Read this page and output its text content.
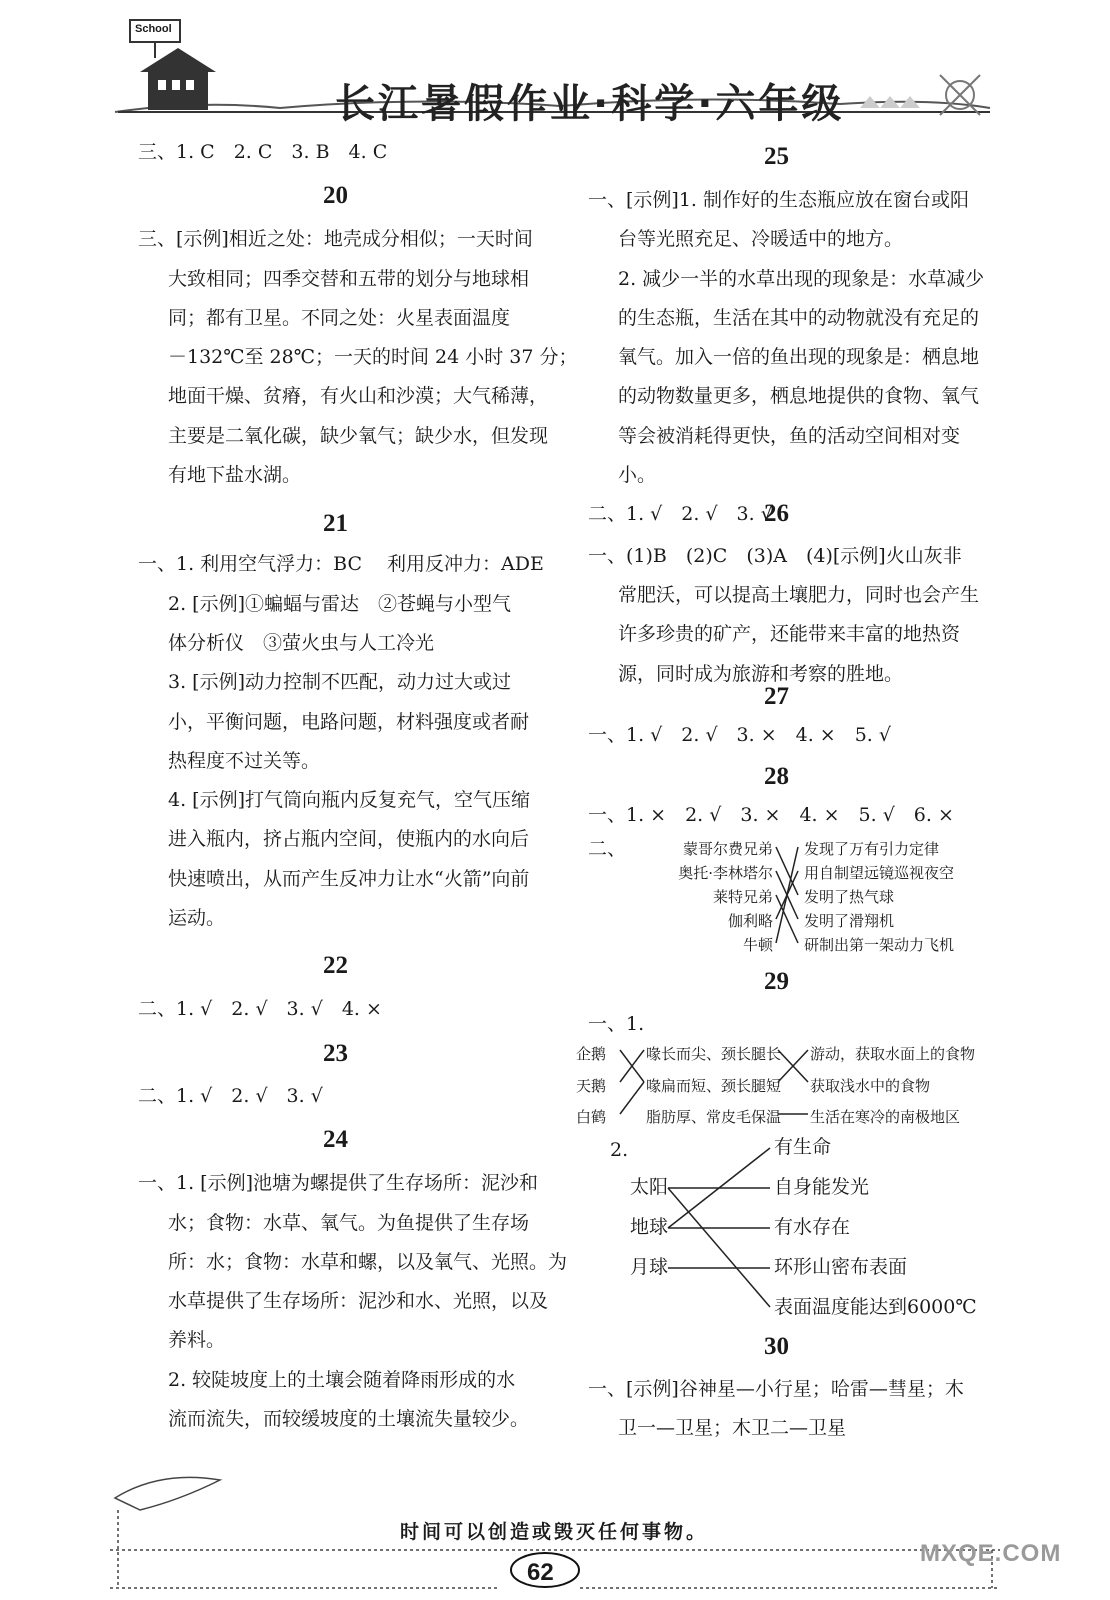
School
长江暑假作业·科学·六年级
三、1. C　2. C　3. B　4. C
20
三、[示例]相近之处：地壳成分相似；一天时间
大致相同；四季交替和五带的划分与地球相
同；都有卫星。不同之处：火星表面温度
－132℃至 28℃；一天的时间 24 小时 37 分；
地面干燥、贫瘠，有火山和沙漠；大气稀薄，
主要是二氧化碳，缺少氧气；缺少水，但发现
有地下盐水湖。
21
一、1. 利用空气浮力：BC　 利用反冲力：ADE
2. [示例]①蝙蝠与雷达　②苍蝇与小型气
体分析仪　③萤火虫与人工冷光
3. [示例]动力控制不匹配，动力过大或过
小，平衡问题，电路问题，材料强度或者耐
热程度不过关等。
4. [示例]打气筒向瓶内反复充气，空气压缩
进入瓶内，挤占瓶内空间，使瓶内的水向后
快速喷出，从而产生反冲力让水“火箭”向前
运动。
22
二、1. √　2. √　3. √　4. ×
23
二、1. √　2. √　3. √
24
一、1. [示例]池塘为螺提供了生存场所：泥沙和
水；食物：水草、氧气。为鱼提供了生存场
所：水；食物：水草和螺，以及氧气、光照。为
水草提供了生存场所：泥沙和水、光照，以及
养料。
2. 较陡坡度上的土壤会随着降雨形成的水
流而流失，而较缓坡度的土壤流失量较少。
25
一、[示例]1. 制作好的生态瓶应放在窗台或阳
台等光照充足、冷暖适中的地方。
2. 减少一半的水草出现的现象是：水草减少
的生态瓶，生活在其中的动物就没有充足的
氧气。加入一倍的鱼出现的现象是：栖息地
的动物数量更多，栖息地提供的食物、氧气
等会被消耗得更快，鱼的活动空间相对变
小。
二、1. √　2. √　3. √
26
一、(1)B　(2)C　(3)A　(4)[示例]火山灰非
常肥沃，可以提高土壤肥力，同时也会产生
许多珍贵的矿产，还能带来丰富的地热资
源，同时成为旅游和考察的胜地。
27
一、1. √　2. √　3. ×　4. ×　5. √
28
一、1. ×　2. √　3. ×　4. ×　5. √　6. ×
二、	蒙哥尔费兄弟
奥托·李林塔尔
莱特兄弟
伽利略
牛顿
发现了万有引力定律
用自制望远镜巡视夜空
发明了热气球
发明了滑翔机
研制出第一架动力飞机
29
一、1.
企鹅
天鹅
白鹤
喙长而尖、颈长腿长
喙扁而短、颈长腿短
脂肪厚、常皮毛保温
游动，获取水面上的食物
获取浅水中的食物
生活在寒冷的南极地区
2.
太阳
地球
月球
有生命
自身能发光
有水存在
环形山密布表面
表面温度能达到6000℃
30
一、[示例]谷神星—小行星；哈雷—彗星；木
卫一—卫星；木卫二—卫星
时间可以创造或毁灭任何事物。
62
MXQE.COM
